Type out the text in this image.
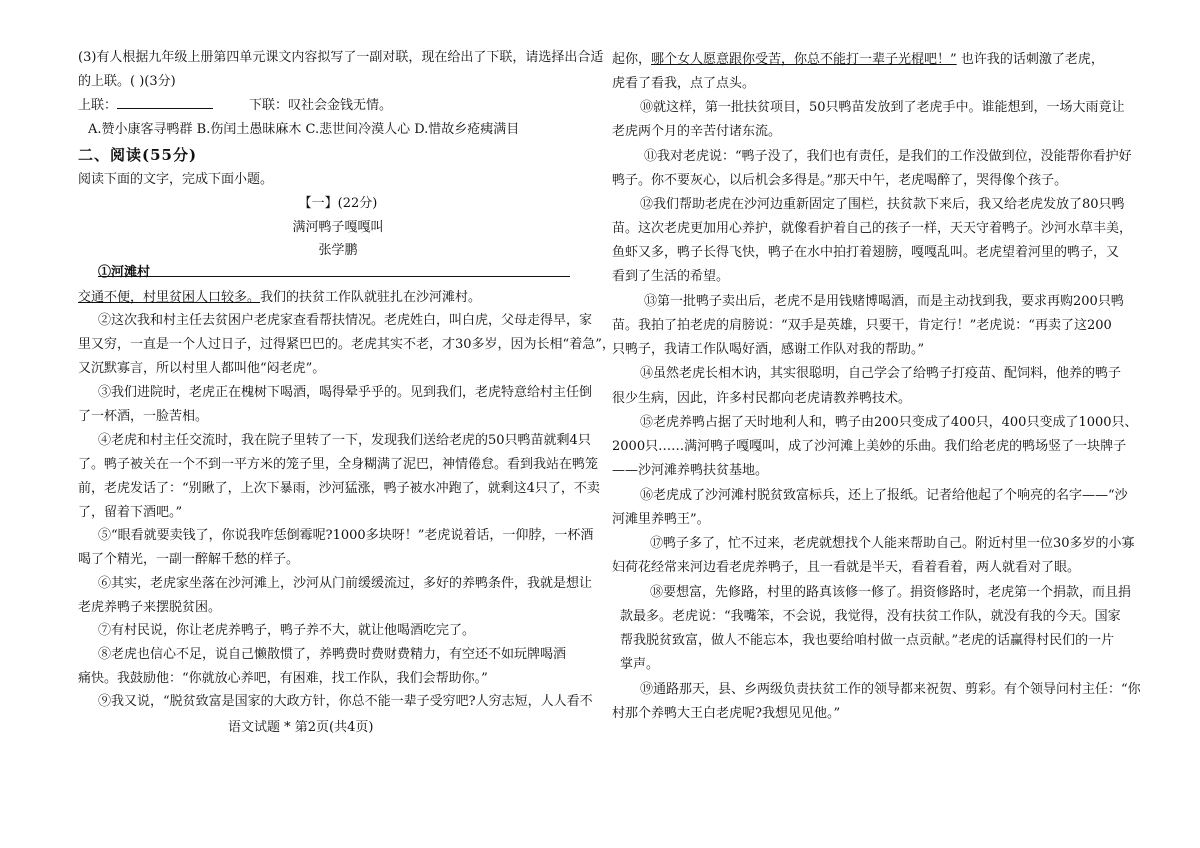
(3)有人根据九年级上册第四单元课文内容拟写了一副对联，现在给出了下联，请选择出合适
的上联。( )(3分)
上联：	下联：叹社会金钱无情。
A.赞小康客寻鸭群 B.伤闰土愚昧麻木 C.悲世间冷漠人心 D.惜故乡疮痍满目
二、阅读(55分)
阅读下面的文字，完成下面小题。
【一】(22分)
满河鸭子嘎嘎叫
张学鹏
①河滩村
交通不便，村里贫困人口较多。我们的扶贫工作队就驻扎在沙河滩村。
②这次我和村主任去贫困户老虎家查看帮扶情况。老虎姓白，叫白虎，父母走得早，家
里又穷，一直是一个人过日子，过得紧巴巴的。老虎其实不老，才30多岁，因为长相“着急”，
又沉默寡言，所以村里人都叫他“闷老虎”。
③我们进院时，老虎正在槐树下喝酒，喝得晕乎乎的。见到我们，老虎特意给村主任倒
了一杯酒，一脸苦相。
④老虎和村主任交流时，我在院子里转了一下，发现我们送给老虎的50只鸭苗就剩4只
了。鸭子被关在一个不到一平方米的笼子里，全身糊满了泥巴，神情倦怠。看到我站在鸭笼
前，老虎发话了：“别瞅了，上次下暴雨，沙河猛涨，鸭子被水冲跑了，就剩这4只了，不卖
了，留着下酒吧。”
⑤“眼看就要卖钱了，你说我咋恁倒霉呢?1000多块呀！”老虎说着话，一仰脖，一杯酒
喝了个精光，一副一醉解千愁的样子。
⑥其实，老虎家坐落在沙河滩上，沙河从门前缓缓流过，多好的养鸭条件，我就是想让
老虎养鸭子来摆脱贫困。
⑦有村民说，你让老虎养鸭子，鸭子养不大，就让他喝酒吃完了。
⑧老虎也信心不足，说自己懒散惯了，养鸭费时费财费精力，有空还不如玩牌喝酒
痛快。我鼓励他：“你就放心养吧，有困难，找工作队，我们会帮助你。”
⑨我又说，“脱贫致富是国家的大政方针，你总不能一辈子受穷吧?人穷志短，人人看不
语文试题 * 第2页(共4页)
起你，哪个女人愿意跟你受苦，你总不能打一辈子光棍吧！” 也许我的话刺激了老虎，
虎看了看我，点了点头。
⑩就这样，第一批扶贫项目，50只鸭苗发放到了老虎手中。谁能想到，一场大雨竟让
老虎两个月的辛苦付诸东流。
⑪我对老虎说：“鸭子没了，我们也有责任，是我们的工作没做到位，没能帮你看护好
鸭子。你不要灰心，以后机会多得是。”那天中午，老虎喝醉了，哭得像个孩子。
⑫我们帮助老虎在沙河边重新固定了围栏，扶贫款下来后，我又给老虎发放了80只鸭
苗。这次老虎更加用心养护，就像看护着自己的孩子一样，天天守着鸭子。沙河水草丰美，
鱼虾又多，鸭子长得飞快，鸭子在水中拍打着翅膀，嘎嘎乱叫。老虎望着河里的鸭子，又
看到了生活的希望。
⑬第一批鸭子卖出后，老虎不是用钱赌博喝酒，而是主动找到我，要求再购200只鸭
苗。我拍了拍老虎的肩膀说：“双手是英雄，只要干，肯定行！”老虎说：“再卖了这200
只鸭子，我请工作队喝好酒，感谢工作队对我的帮助。”
⑭虽然老虎长相木讷，其实很聪明，自己学会了给鸭子打疫苗、配饲料，他养的鸭子
很少生病，因此，许多村民都向老虎请教养鸭技术。
⑮老虎养鸭占据了天时地利人和，鸭子由200只变成了400只，400只变成了1000只、
2000只……满河鸭子嘎嘎叫，成了沙河滩上美妙的乐曲。我们给老虎的鸭场竖了一块牌子
——沙河滩养鸭扶贫基地。
⑯老虎成了沙河滩村脱贫致富标兵，还上了报纸。记者给他起了个响亮的名字——“沙
河滩里养鸭王”。
⑰鸭子多了，忙不过来，老虎就想找个人能来帮助自己。附近村里一位30多岁的小寡
妇荷花经常来河边看老虎养鸭子，且一看就是半天，看着看着，两人就看对了眼。
⑱要想富，先修路，村里的路真该修一修了。捐资修路时，老虎第一个捐款，而且捐
款最多。老虎说：“我嘴笨，不会说，我觉得，没有扶贫工作队，就没有我的今天。国家
帮我脱贫致富，做人不能忘本，我也要给咱村做一点贡献。”老虎的话赢得村民们的一片
掌声。
⑲通路那天，县、乡两级负责扶贫工作的领导都来祝贺、剪彩。有个领导问村主任：“你
村那个养鸭大王白老虎呢?我想见见他。”
